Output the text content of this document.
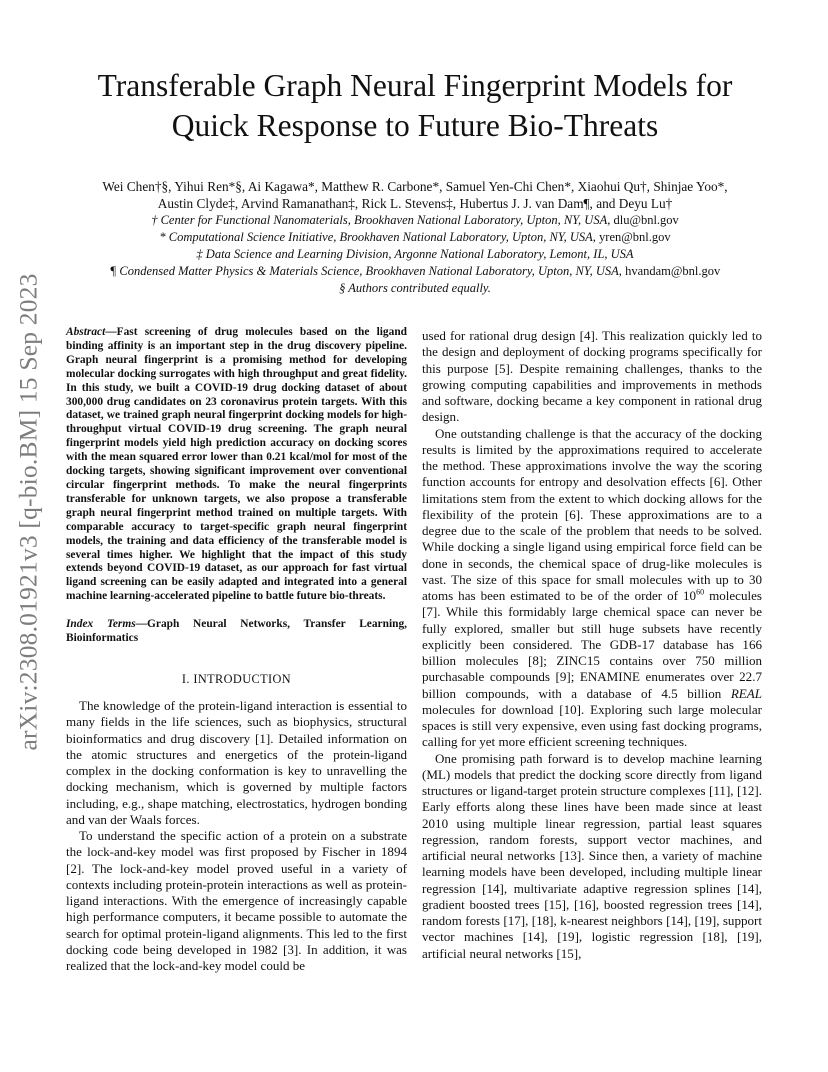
arXiv:2308.01921v3 [q-bio.BM] 15 Sep 2023
Transferable Graph Neural Fingerprint Models for Quick Response to Future Bio-Threats

Wei Chen†§, Yihui Ren*§, Ai Kagawa*, Matthew R. Carbone*, Samuel Yen-Chi Chen*, Xiaohui Qu†, Shinjae Yoo*,

Austin Clyde‡, Arvind Ramanathan‡, Rick L. Stevens‡, Hubertus J. J. van Dam¶, and Deyu Lu†

† Center for Functional Nanomaterials, Brookhaven National Laboratory, Upton, NY, USA, dlu@bnl.gov

* Computational Science Initiative, Brookhaven National Laboratory, Upton, NY, USA, yren@bnl.gov

‡ Data Science and Learning Division, Argonne National Laboratory, Lemont, IL, USA

¶ Condensed Matter Physics & Materials Science, Brookhaven National Laboratory, Upton, NY, USA, hvandam@bnl.gov

§ Authors contributed equally.

Abstract—Fast screening of drug molecules based on the ligand binding affinity is an important step in the drug discovery pipeline. Graph neural fingerprint is a promising method for developing molecular docking surrogates with high throughput and great fidelity. In this study, we built a COVID-19 drug docking dataset of about 300,000 drug candidates on 23 coronavirus protein targets. With this dataset, we trained graph neural fingerprint docking models for high-throughput virtual COVID-19 drug screening. The graph neural fingerprint models yield high prediction accuracy on docking scores with the mean squared error lower than 0.21 kcal/mol for most of the docking targets, showing significant improvement over conventional circular fingerprint methods. To make the neural fingerprints transferable for unknown targets, we also propose a transferable graph neural fingerprint method trained on multiple targets. With comparable accuracy to target-specific graph neural fingerprint models, the training and data efficiency of the transferable model is several times higher. We highlight that the impact of this study extends beyond COVID-19 dataset, as our approach for fast virtual ligand screening can be easily adapted and integrated into a general machine learning-accelerated pipeline to battle future bio-threats.

Index Terms—Graph Neural Networks, Transfer Learning, Bioinformatics

I. INTRODUCTION

The knowledge of the protein-ligand interaction is essential to many fields in the life sciences, such as biophysics, structural bioinformatics and drug discovery [1]. Detailed information on the atomic structures and energetics of the protein-ligand complex in the docking conformation is key to unravelling the docking mechanism, which is governed by multiple factors including, e.g., shape matching, electrostatics, hydrogen bonding and van der Waals forces.

To understand the specific action of a protein on a substrate the lock-and-key model was first proposed by Fischer in 1894 [2]. The lock-and-key model proved useful in a variety of contexts including protein-protein interactions as well as protein-ligand interactions. With the emergence of increasingly capable high performance computers, it became possible to automate the search for optimal protein-ligand alignments. This led to the first docking code being developed in 1982 [3]. In addition, it was realized that the lock-and-key model could be

used for rational drug design [4]. This realization quickly led to the design and deployment of docking programs specifically for this purpose [5]. Despite remaining challenges, thanks to the growing computing capabilities and improvements in methods and software, docking became a key component in rational drug design.

One outstanding challenge is that the accuracy of the docking results is limited by the approximations required to accelerate the method. These approximations involve the way the scoring function accounts for entropy and desolvation effects [6]. Other limitations stem from the extent to which docking allows for the flexibility of the protein [6]. These approximations are to a degree due to the scale of the problem that needs to be solved. While docking a single ligand using empirical force field can be done in seconds, the chemical space of drug-like molecules is vast. The size of this space for small molecules with up to 30 atoms has been estimated to be of the order of $10^{60}$ molecules [7]. While this formidably large chemical space can never be fully explored, smaller but still huge subsets have recently explicitly been considered. The GDB-17 database has 166 billion molecules [8]; ZINC15 contains over 750 million purchasable compounds [9]; ENAMINE enumerates over 22.7 billion compounds, with a database of 4.5 billion REAL molecules for download [10]. Exploring such large molecular spaces is still very expensive, even using fast docking programs, calling for yet more efficient screening techniques.

One promising path forward is to develop machine learning (ML) models that predict the docking score directly from ligand structures or ligand-target protein structure complexes [11], [12]. Early efforts along these lines have been made since at least 2010 using multiple linear regression, partial least squares regression, random forests, support vector machines, and artificial neural networks [13]. Since then, a variety of machine learning models have been developed, including multiple linear regression [14], multivariate adaptive regression splines [14], gradient boosted trees [15], [16], boosted regression trees [14], random forests [17], [18], k-nearest neighbors [14], [19], support vector machines [14], [19], logistic regression [18], [19], artificial neural networks [15],
